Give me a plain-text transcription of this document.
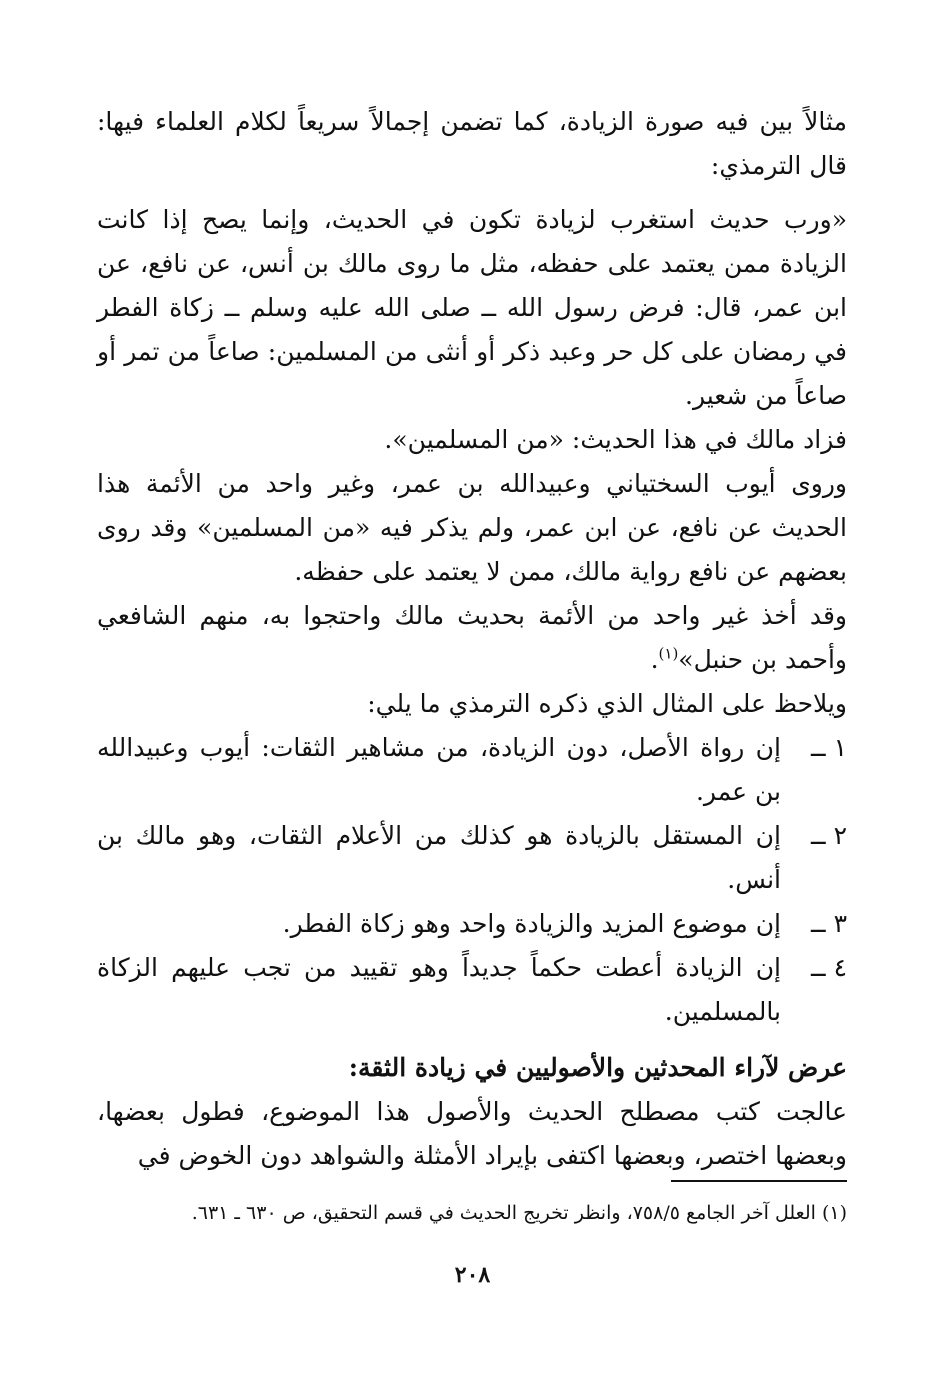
مثالاً بين فيه صورة الزيادة، كما تضمن إجمالاً سريعاً لكلام العلماء فيها: قال الترمذي:

«ورب حديث استغرب لزيادة تكون في الحديث، وإنما يصح إذا كانت الزيادة ممن يعتمد على حفظه، مثل ما روى مالك بن أنس، عن نافع، عن ابن عمر، قال: فرض رسول الله ــ صلى الله عليه وسلم ــ زكاة الفطر في رمضان على كل حر وعبد ذكر أو أنثى من المسلمين: صاعاً من تمر أو صاعاً من شعير.

فزاد مالك في هذا الحديث: «من المسلمين».

وروى أيوب السختياني وعبيدالله بن عمر، وغير واحد من الأئمة هذا الحديث عن نافع، عن ابن عمر، ولم يذكر فيه «من المسلمين» وقد روى بعضهم عن نافع رواية مالك، ممن لا يعتمد على حفظه.

وقد أخذ غير واحد من الأئمة بحديث مالك واحتجوا به، منهم الشافعي وأحمد بن حنبل»$^{(١)}$.

ويلاحظ على المثال الذي ذكره الترمذي ما يلي:

١ ــ
إن رواة الأصل، دون الزيادة، من مشاهير الثقات: أيوب وعبيدالله بن عمر.
٢ ــ
إن المستقل بالزيادة هو كذلك من الأعلام الثقات، وهو مالك بن أنس.
٣ ــ
إن موضوع المزيد والزيادة واحد وهو زكاة الفطر.
٤ ــ
إن الزيادة أعطت حكماً جديداً وهو تقييد من تجب عليهم الزكاة بالمسلمين.

عرض لآراء المحدثين والأصوليين في زيادة الثقة:

عالجت كتب مصطلح الحديث والأصول هذا الموضوع، فطول بعضها، وبعضها اختصر، وبعضها اكتفى بإيراد الأمثلة والشواهد دون الخوض في

(١) العلل آخر الجامع ٧٥٨/٥، وانظر تخريج الحديث في قسم التحقيق، ص ٦٣٠ ـ ٦٣١.
٢٠٨
